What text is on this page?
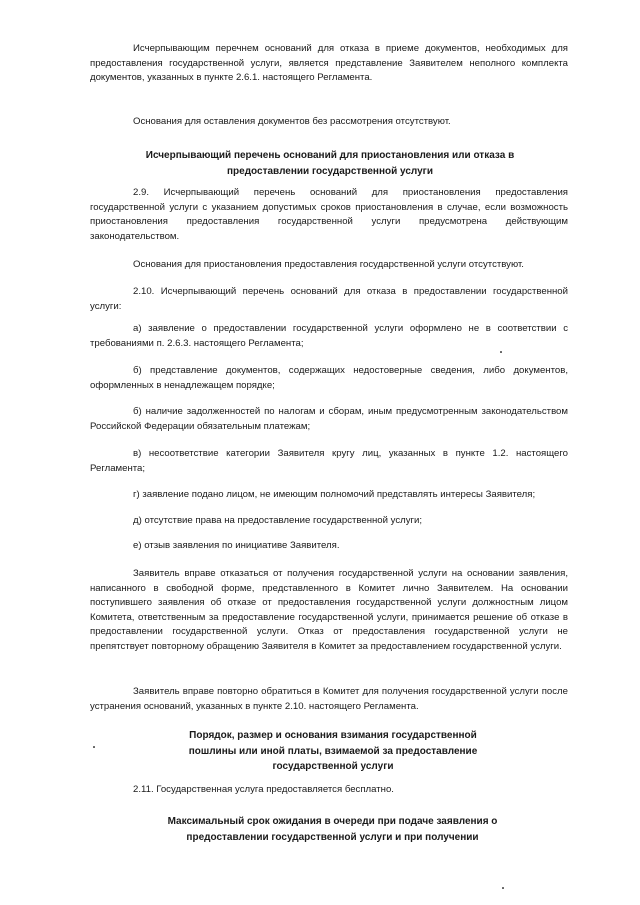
Исчерпывающим перечнем оснований для отказа в приеме документов, необходимых для предоставления государственной услуги, является представление Заявителем неполного комплекта документов, указанных в пункте 2.6.1. настоящего Регламента.

Основания для оставления документов без рассмотрения отсутствуют.

Исчерпывающий перечень оснований для приостановления или отказа в предоставлении государственной услуги

2.9. Исчерпывающий перечень оснований для приостановления предоставления государственной услуги с указанием допустимых сроков приостановления в случае, если возможность приостановления предоставления государственной услуги предусмотрена действующим законодательством.

Основания для приостановления предоставления государственной услуги отсутствуют.

2.10. Исчерпывающий перечень оснований для отказа в предоставлении государственной услуги:

а) заявление о предоставлении государственной услуги оформлено не в соответствии с требованиями п. 2.6.3. настоящего Регламента;

б) представление документов, содержащих недостоверные сведения, либо документов, оформленных в ненадлежащем порядке;

б) наличие задолженностей по налогам и сборам, иным предусмотренным законодательством Российской Федерации обязательным платежам;

в) несоответствие категории Заявителя кругу лиц, указанных в пункте 1.2. настоящего Регламента;

г) заявление подано лицом, не имеющим полномочий представлять интересы Заявителя;

д) отсутствие права на предоставление государственной услуги;

е) отзыв заявления по инициативе Заявителя.

Заявитель вправе отказаться от получения государственной услуги на основании заявления, написанного в свободной форме, представленного в Комитет лично Заявителем. На основании поступившего заявления об отказе от предоставления государственной услуги должностным лицом Комитета, ответственным за предоставление государственной услуги, принимается решение об отказе в предоставлении государственной услуги. Отказ от предоставления государственной услуги не препятствует повторному обращению Заявителя в Комитет за предоставлением государственной услуги.

Заявитель вправе повторно обратиться в Комитет для получения государственной услуги после устранения оснований, указанных в пункте 2.10. настоящего Регламента.

Порядок, размер и основания взимания государственной пошлины или иной платы, взимаемой за предоставление государственной услуги

2.11. Государственная услуга предоставляется бесплатно.

Максимальный срок ожидания в очереди при подаче заявления о предоставлении государственной услуги и при получении
